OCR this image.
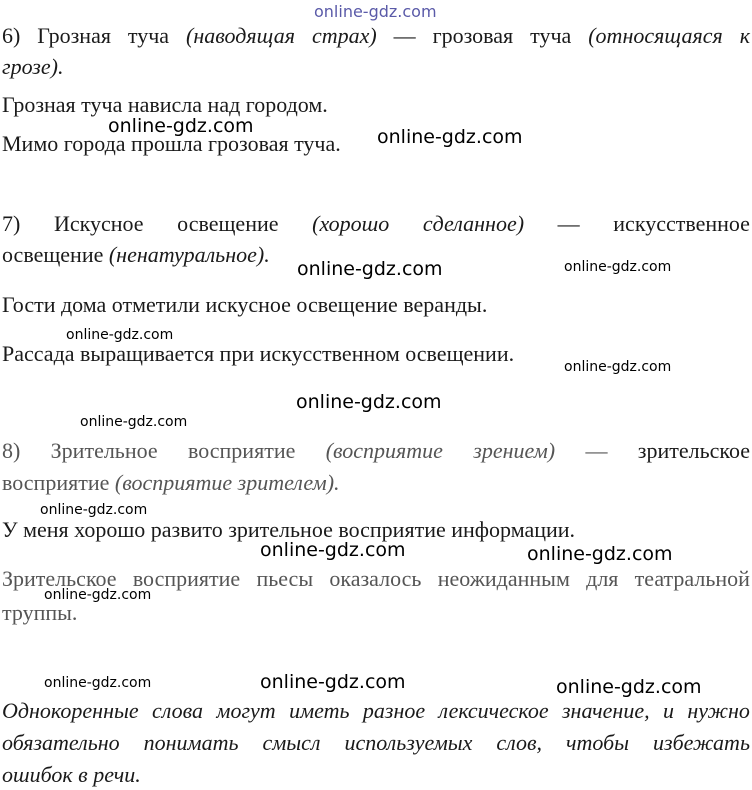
online-gdz.com
6) Грозная туча (наводящая страх) — грозовая туча (относящаяся к
грозе).
Грозная туча нависла над городом.
Мимо города прошла грозовая туча.
7) Искусное освещение (хорошо сделанное) — искусственное
освещение (ненатуральное).
Гости дома отметили искусное освещение веранды.
Рассада выращивается при искусственном освещении.
8) Зрительное восприятие (восприятие зрением) — зрительское
восприятие (восприятие зрителем).
У меня хорошо развито зрительное восприятие информации.
Зрительское восприятие пьесы оказалось неожиданным для театральной
труппы.
Однокоренные слова могут иметь разное лексическое значение, и нужно
обязательно понимать смысл используемых слов, чтобы избежать
ошибок в речи.
online-gdz.com	online-gdz.com
online-gdz.com
online-gdz.com
online-gdz.com	online-gdz.com
online-gdz.com	online-gdz.com
online-gdz.com
online-gdz.com
online-gdz.com
online-gdz.com
online-gdz.com
online-gdz.com
online-gdz.com
